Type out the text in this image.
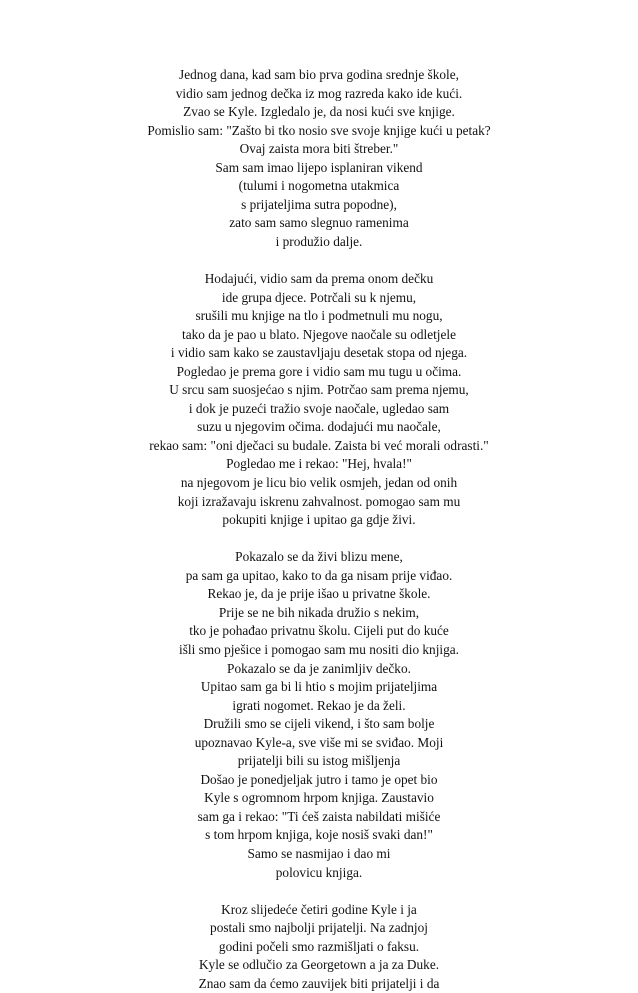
Jednog dana, kad sam bio prva godina srednje škole,
vidio sam jednog dečka iz mog razreda kako ide kući.
Zvao se Kyle. Izgledalo je, da nosi kući sve knjige.
Pomislio sam: "Zašto bi tko nosio sve svoje knjige kući u petak?
Ovaj zaista mora biti štreber."
Sam sam imao lijepo isplaniran vikend
(tulumi i nogometna utakmica
s prijateljima sutra popodne),
zato sam samo slegnuo ramenima
i produžio dalje.
Hodajući, vidio sam da prema onom dečku
ide grupa djece. Potrčali su k njemu,
srušili mu knjige na tlo i podmetnuli mu nogu,
tako da je pao u blato. Njegove naočale su odletjele
i vidio sam kako se zaustavljaju desetak stopa od njega.
Pogledao je prema gore i vidio sam mu tugu u očima.
U srcu sam suosjećao s njim. Potrčao sam prema njemu,
i dok je puzeći tražio svoje naočale, ugledao sam
suzu u njegovim očima. dodajući mu naočale,
rekao sam: "oni dječaci su budale. Zaista bi već morali odrasti."
Pogledao me i rekao: "Hej, hvala!"
na njegovom je licu bio velik osmjeh, jedan od onih
koji izražavaju iskrenu zahvalnost. pomogao sam mu
pokupiti knjige i upitao ga gdje živi.
Pokazalo se da živi blizu mene,
pa sam ga upitao, kako to da ga nisam prije viđao.
Rekao je, da je prije išao u privatne škole.
Prije se ne bih nikada družio s nekim,
tko je pohađao privatnu školu. Cijeli put do kuće
išli smo pješice i pomogao sam mu nositi dio knjiga.
Pokazalo se da je zanimljiv dečko.
Upitao sam ga bi li htio s mojim prijateljima
igrati nogomet. Rekao je da želi.
Družili smo se cijeli vikend, i što sam bolje
upoznavao Kyle-a, sve više mi se sviđao. Moji
prijatelji bili su istog mišljenja
Došao je ponedjeljak jutro i tamo je opet bio
Kyle s ogromnom hrpom knjiga. Zaustavio
sam ga i rekao: "Ti ćeš zaista nabildati mišiće
s tom hrpom knjiga, koje nosiš svaki dan!"
Samo se nasmijao i dao mi
polovicu knjiga.
Kroz slijedeće četiri godine Kyle i ja
postali smo najbolji prijatelji. Na zadnjoj
godini počeli smo razmišljati o faksu.
Kyle se odlučio za Georgetown a ja za Duke.
Znao sam da ćemo zauvijek biti prijatelji i da
